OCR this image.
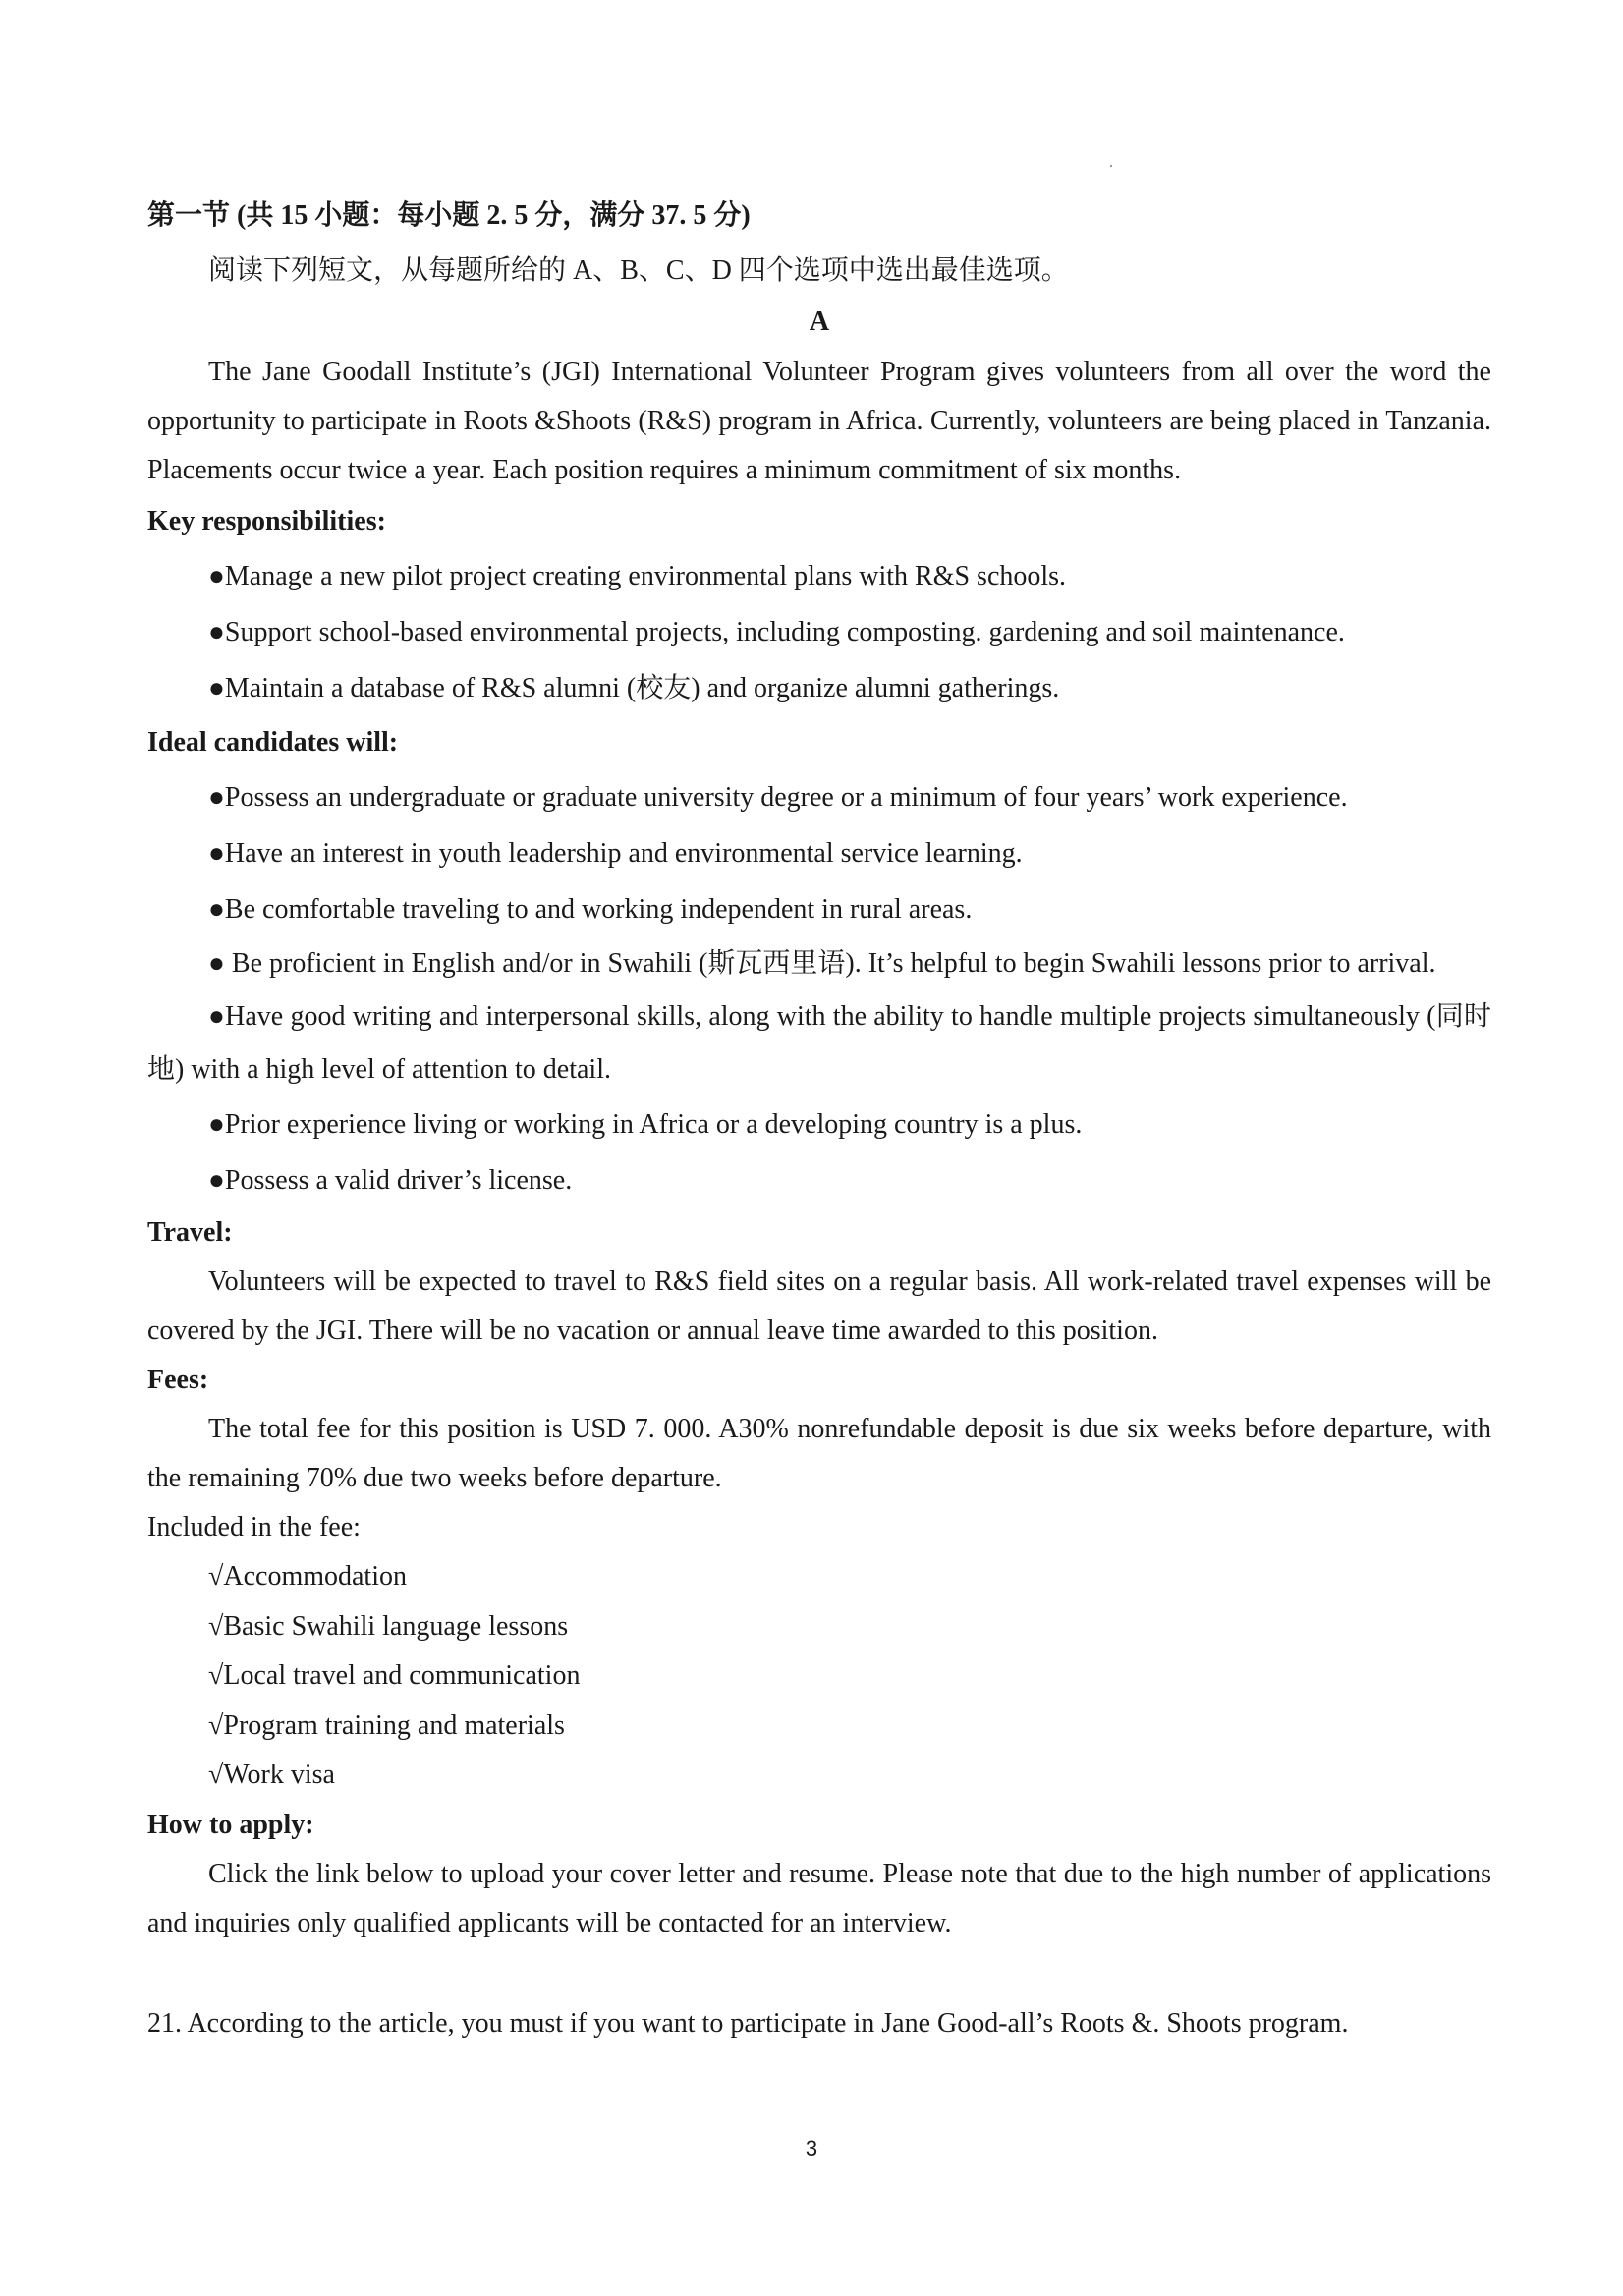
第一节 (共 15 小题：每小题 2. 5 分，满分 37. 5 分)

阅读下列短文，从每题所给的 A、B、C、D 四个选项中选出最佳选项。

A

The Jane Goodall Institute’s (JGI) International Volunteer Program gives volunteers from all over the word the opportunity to participate in Roots &Shoots (R&S) program in Africa. Currently, volunteers are being placed in Tanzania. Placements occur twice a year. Each position requires a minimum commitment of six months.

Key responsibilities:

●Manage a new pilot project creating environmental plans with R&S schools.

●Support school-based environmental projects, including composting. gardening and soil maintenance.

●Maintain a database of R&S alumni (校友) and organize alumni gatherings.

Ideal candidates will:

●Possess an undergraduate or graduate university degree or a minimum of four years’ work experience.

●Have an interest in youth leadership and environmental service learning.

●Be comfortable traveling to and working independent in rural areas.

● Be proficient in English and/or in Swahili (斯瓦西里语). It’s helpful to begin Swahili lessons prior to arrival.

●Have good writing and interpersonal skills, along with the ability to handle multiple projects simultaneously (同时地) with a high level of attention to detail.

●Prior experience living or working in Africa or a developing country is a plus.

●Possess a valid driver’s license.

Travel:

Volunteers will be expected to travel to R&S field sites on a regular basis. All work-related travel expenses will be covered by the JGI. There will be no vacation or annual leave time awarded to this position.

Fees:

The total fee for this position is USD 7. 000. A30% nonrefundable deposit is due six weeks before departure, with the remaining 70% due two weeks before departure.

Included in the fee:

√Accommodation

√Basic Swahili language lessons

√Local travel and communication

√Program training and materials

√Work visa

How to apply:

Click the link below to upload your cover letter and resume. Please note that due to the high number of applications and inquiries only qualified applicants will be contacted for an interview.

21. According to the article, you must if you want to participate in Jane Good-all’s Roots &. Shoots program.

3
